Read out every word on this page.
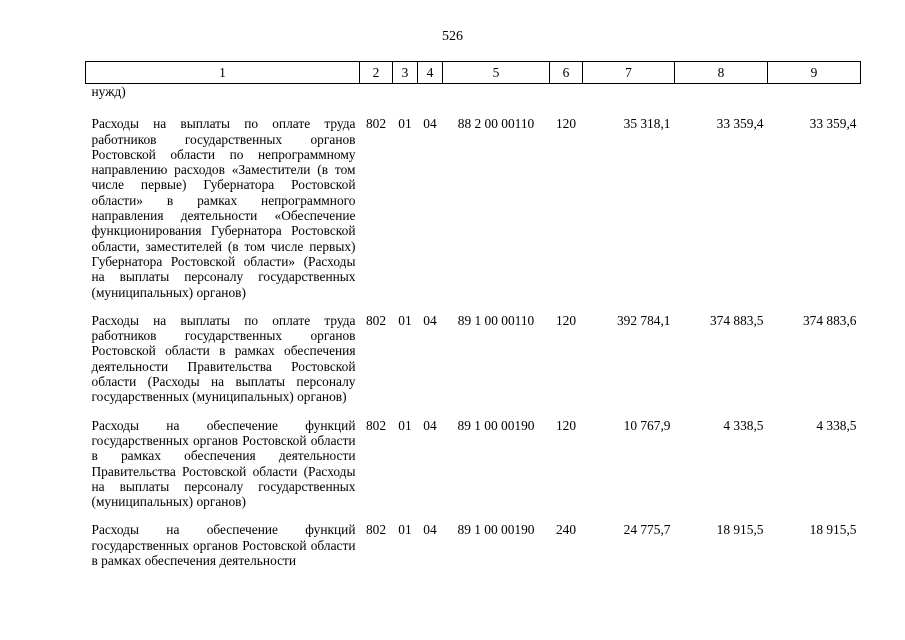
526
1	2	3	4	5	6	7	8	9
нужд)								
Расходы на выплаты по оплате труда работников государственных органов Ростовской области по непрограммному направлению расходов «Заместители (в том числе первые) Губернатора Ростовской области» в рамках непрограммного направления деятельности «Обеспечение функционирования Губернатора Ростовской области, заместителей (в том числе первых) Губернатора Ростовской области» (Расходы на выплаты персоналу государственных (муниципальных) органов)	802	01	04	88 2 00 00110	120	35 318,1	33 359,4	33 359,4
Расходы на выплаты по оплате труда работников государственных органов Ростовской области в рамках обеспечения деятельности Правительства Ростовской области (Расходы на выплаты персоналу государственных (муниципальных) органов)	802	01	04	89 1 00 00110	120	392 784,1	374 883,5	374 883,6
Расходы на обеспечение функций государственных органов Ростовской области в рамках обеспечения деятельности Правительства Ростовской области (Расходы на выплаты персоналу государственных (муниципальных) органов)	802	01	04	89 1 00 00190	120	10 767,9	4 338,5	4 338,5
Расходы на обеспечение функций государственных органов Ростовской области в рамках обеспечения деятельности	802	01	04	89 1 00 00190	240	24 775,7	18 915,5	18 915,5
